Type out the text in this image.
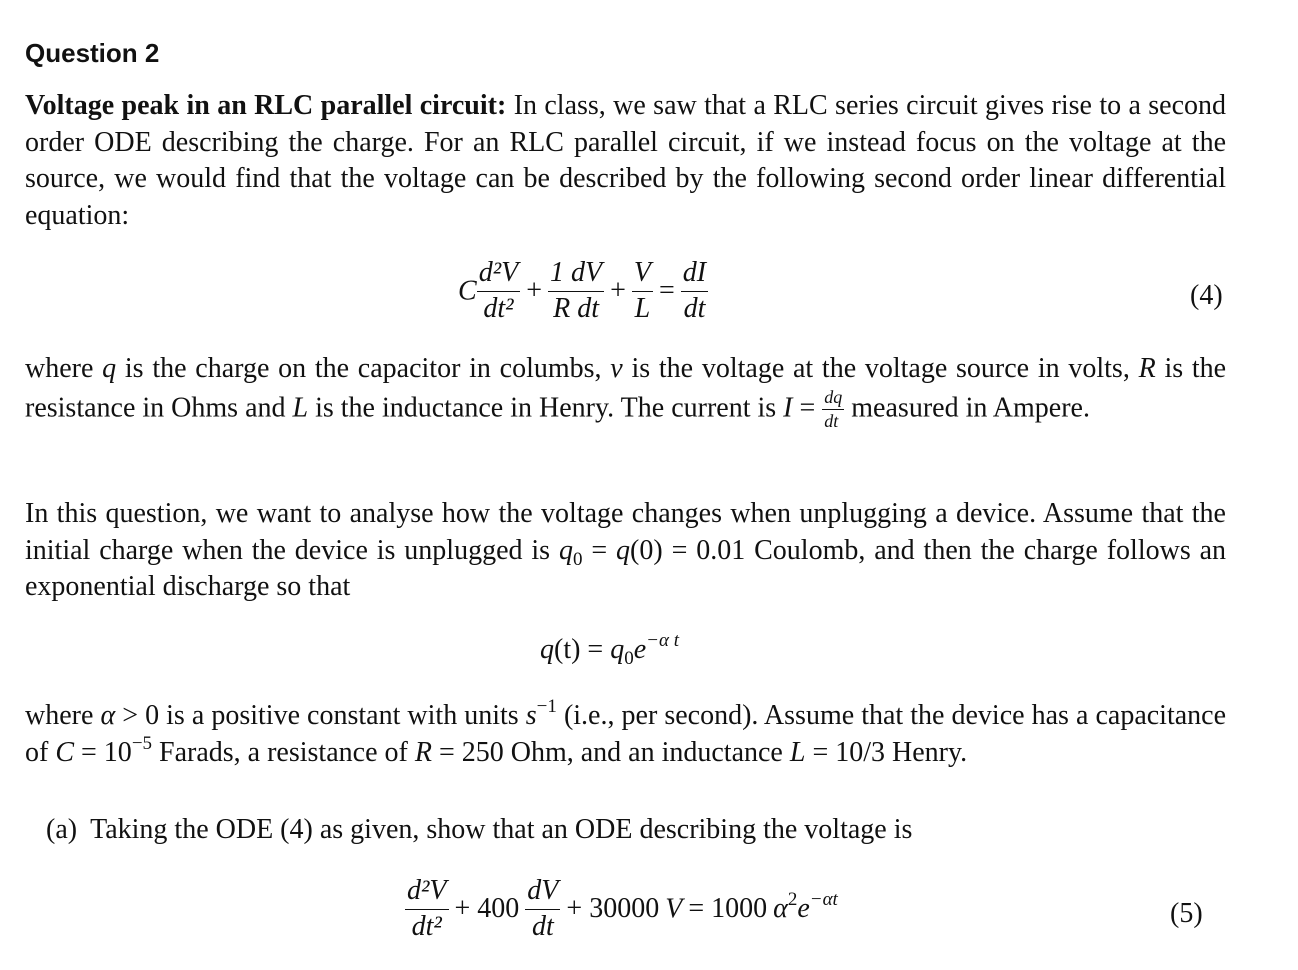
Question 2

Voltage peak in an RLC parallel circuit: In class, we saw that a RLC series circuit gives rise to a second order ODE describing the charge. For an RLC parallel circuit, if we instead focus on the voltage at the source, we would find that the voltage can be described by the following second order linear differential equation:

C $\frac{\text{d²V}}{\text{dt²}} + \frac{1 dV}{\text{R dt}} + \frac{V}{L} = \frac{dI}{dt}$	(4)

where q is the charge on the capacitor in columbs, v is the voltage at the voltage source in volts, R is the resistance in Ohms and L is the inductance in Henry. The current is $I = \frac{dq}{dt}$ measured in Ampere.

In this question, we want to analyse how the voltage changes when unplugging a device. Assume that the initial charge when the device is unplugged is $q_0 = q(0) = 0.01$ Coulomb, and then the charge follows an exponential discharge so that

$q(t) = q_0e^{-\alpha t}$

where α > 0 is a positive constant with units $s^{-1}$ (i.e., per second). Assume that the device has a capacitance of $C = 10^{-5}$ Farads, a resistance of R = 250 Ohm, and an inductance L = 10/3 Henry.

(a) Taking the ODE (4) as given, show that an ODE describing the voltage is
$\frac{\text{d²V}}{\text{dt²}} + 400 \frac{dV}{dt} + 30000$ V = 1000 $\alpha^2e^{-\alpha t}$	(5)
